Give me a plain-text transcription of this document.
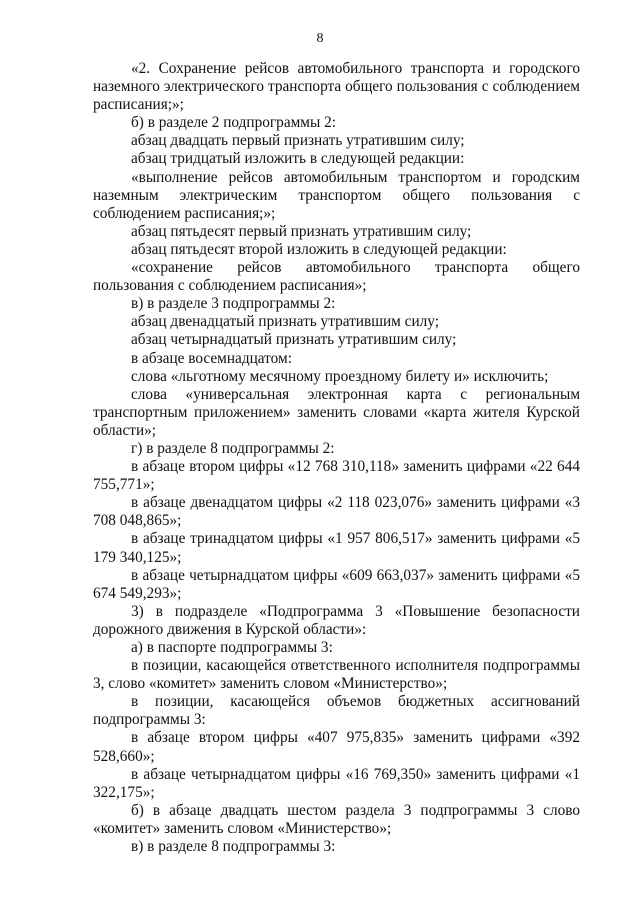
8

«2. Сохранение рейсов автомобильного транспорта и городского наземного электрического транспорта общего пользования с соблюдением расписания;»;

б) в разделе 2 подпрограммы 2:

абзац двадцать первый признать утратившим силу;

абзац тридцатый изложить в следующей редакции:

«выполнение рейсов автомобильным транспортом и городским наземным электрическим транспортом общего пользования с соблюдением расписания;»;

абзац пятьдесят первый признать утратившим силу;

абзац пятьдесят второй изложить в следующей редакции:

«сохранение рейсов автомобильного транспорта общего пользования с соблюдением расписания»;

в) в разделе 3 подпрограммы 2:

абзац двенадцатый признать утратившим силу;

абзац четырнадцатый признать утратившим силу;

в абзаце восемнадцатом:

слова «льготному месячному проездному билету и» исключить;

слова «универсальная электронная карта с региональным транспортным приложением» заменить словами «карта жителя Курской области»;

г) в разделе 8 подпрограммы 2:

в абзаце втором цифры «12 768 310,118» заменить цифрами «22 644 755,771»;

в абзаце двенадцатом цифры «2 118 023,076» заменить цифрами «3 708 048,865»;

в абзаце тринадцатом цифры «1 957 806,517» заменить цифрами «5 179 340,125»;

в абзаце четырнадцатом цифры «609 663,037» заменить цифрами «5 674 549,293»;

3) в подразделе «Подпрограмма 3 «Повышение безопасности дорожного движения в Курской области»:

а) в паспорте подпрограммы 3:

в позиции, касающейся ответственного исполнителя подпрограммы 3, слово «комитет» заменить словом «Министерство»;

в позиции, касающейся объемов бюджетных ассигнований подпрограммы 3:

в абзаце втором цифры «407 975,835» заменить цифрами «392 528,660»;

в абзаце четырнадцатом цифры «16 769,350» заменить цифрами «1 322,175»;

б) в абзаце двадцать шестом раздела 3 подпрограммы 3 слово «комитет» заменить словом «Министерство»;

в) в разделе 8 подпрограммы 3:
